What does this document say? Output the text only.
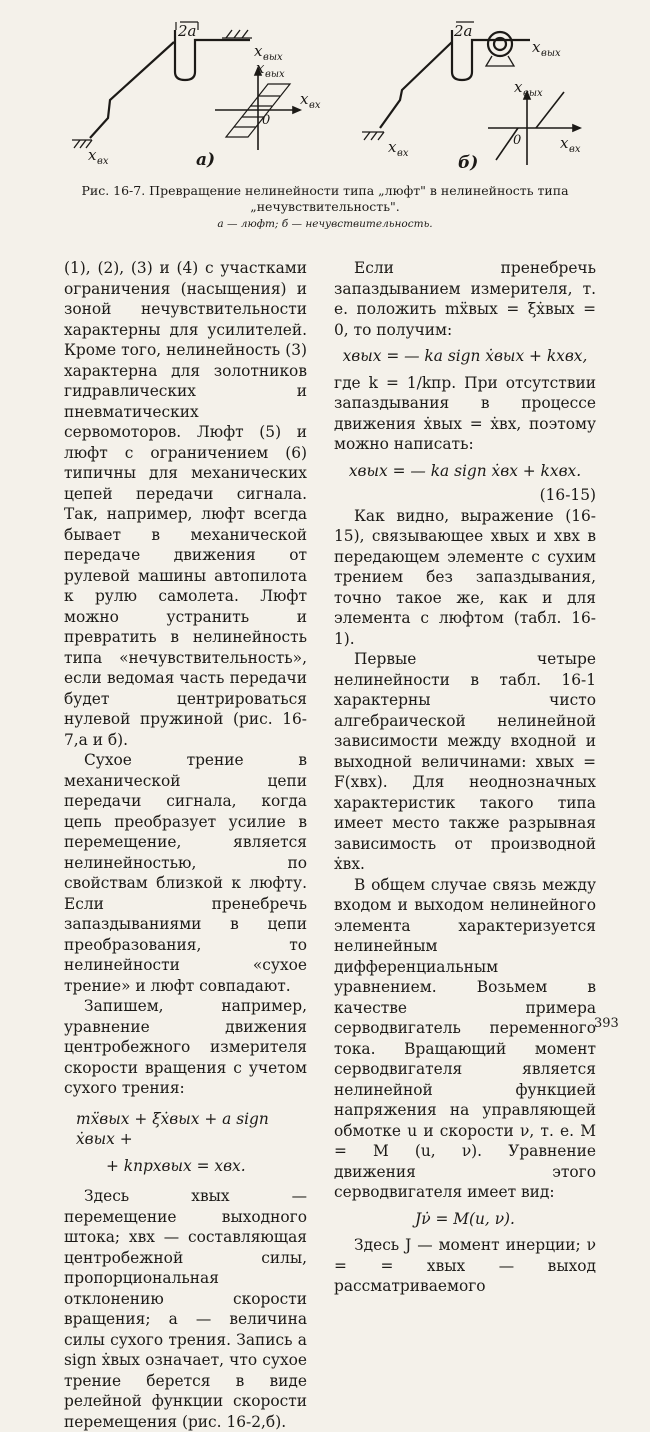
2a	2a
x вых
x вых
x вх
x вх
0
а)
x вых
x вых
x вх
x вх
0
б)
Рис. 16-7. Превращение нелинейности типа „люфт" в нелинейность типа „нечувствительность".
а — люфт; б — нечувствительность.

(1), (2), (3) и (4) с участками ограничения (насыщения) и зоной нечувствительности характерны для усилителей. Кроме того, нелинейность (3) характерна для золотников гидравлических и пневматических сервомоторов. Люфт (5) и люфт с ограничением (6) типичны для механических цепей передачи сигнала. Так, например, люфт всегда бывает в механической передаче движения от рулевой машины автопилота к рулю самолета. Люфт можно устранить и превратить в нелинейность типа «нечувствительность», если ведомая часть передачи будет центрироваться нулевой пружиной (рис. 16-7,а и б).

Сухое трение в механической цепи передачи сигнала, когда цепь преобразует усилие в перемещение, является нелинейностью, по свойствам близкой к люфту. Если пренебречь запаздываниями в цепи преобразования, то нелинейности «сухое трение» и люфт совпадают.

Запишем, например, уравнение движения центробежного измерителя скорости вращения с учетом сухого трения:

mẍвых + ξẋвых + a sign ẋвых +
+ kпрxвых = xвх.

Здесь xвых — перемещение выходного штока; xвх — составляющая центробежной силы, пропорциональная отклонению скорости вращения; a — величина силы сухого трения. Запись a sign ẋвых означает, что сухое трение берется в виде релейной функции скорости перемещения (рис. 16-2,б).

Если пренебречь запаздыванием измерителя, т. е. положить mẍвых = ξẋвых = 0, то получим:

xвых = — ka sign ẋвых + kxвх,

где k = 1/kпр. При отсутствии запаздывания в процессе движения ẋвых = ẋвх, поэтому можно написать:

xвых = — ka sign ẋвх + kxвх.
(16-15)

Как видно, выражение (16-15), связывающее xвых и xвх в передающем элементе с сухим трением без запаздывания, точно такое же, как и для элемента с люфтом (табл. 16-1).

Первые четыре нелинейности в табл. 16-1 характерны чисто алгебраической нелинейной зависимости между входной и выходной величинами: xвых = F(xвх). Для неоднозначных характеристик такого типа имеет место также разрывная зависимость от производной ẋвх.

В общем случае связь между входом и выходом нелинейного элемента характеризуется нелинейным дифференциальным уравнением. Возьмем в качестве примера серводвигатель переменного тока. Вращающий момент серводвигателя является нелинейной функцией напряжения на управляющей обмотке u и скорости ν, т. е. M = M (u, ν). Уравнение движения этого серводвигателя имеет вид:

Jν̇ = M(u, ν).

Здесь J — момент инерции; ν = = xвых — выход рассматриваемого

393
